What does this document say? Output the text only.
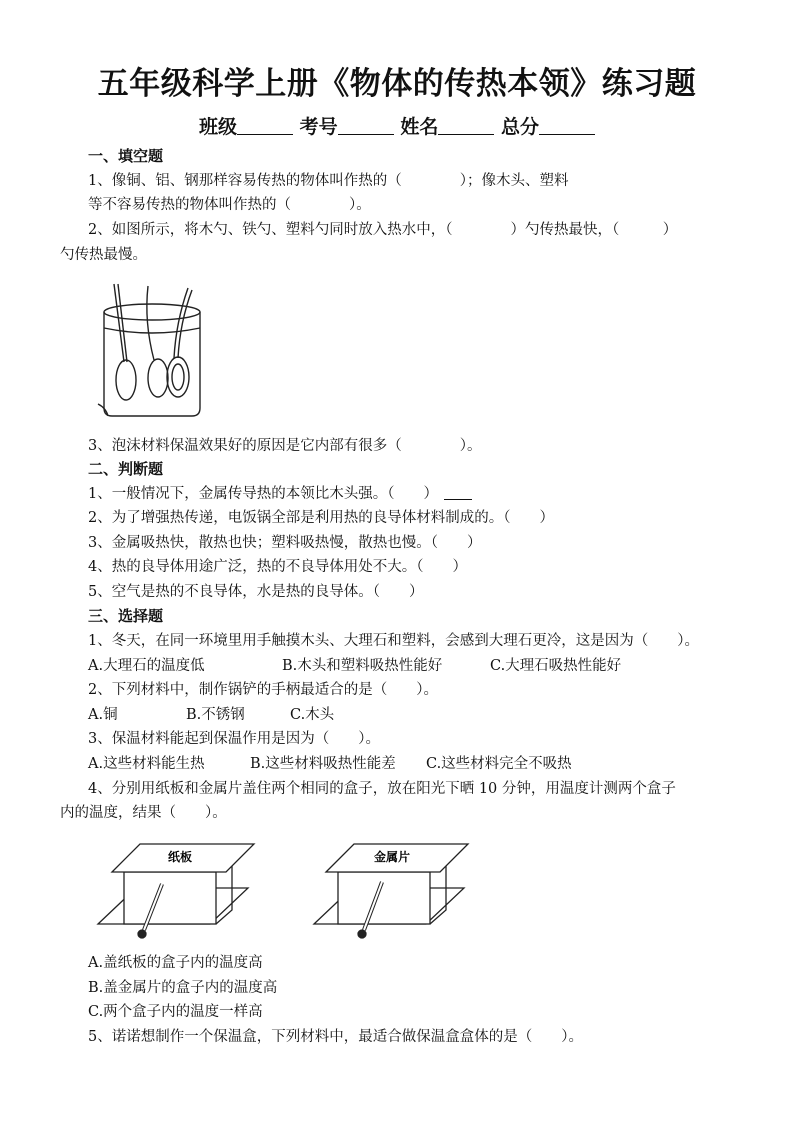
五年级科学上册《物体的传热本领》练习题
班级	考号	姓名	总分
一、填空题
1、像铜、铝、钢那样容易传热的物体叫作热的（　　　　）；像木头、塑料
等不容易传热的物体叫作热的（　　　　）。
2、如图所示，将木勺、铁勺、塑料勺同时放入热水中，（　　　　）勺传热最快，（　　　）
勺传热最慢。
3、泡沫材料保温效果好的原因是它内部有很多（　　　　）。
二、判断题
1、一般情况下，金属传导热的本领比木头强。（　　）
2、为了增强热传递，电饭锅全部是利用热的良导体材料制成的。（　　）
3、金属吸热快，散热也快；塑料吸热慢，散热也慢。（　　）
4、热的良导体用途广泛，热的不良导体用处不大。（　　）
5、空气是热的不良导体，水是热的良导体。（　　）
三、选择题
1、冬天，在同一环境里用手触摸木头、大理石和塑料，会感到大理石更冷，这是因为（　　）。
A.大理石的温度低	B.木头和塑料吸热性能好	C.大理石吸热性能好
2、下列材料中，制作锅铲的手柄最适合的是（　　）。
A.铜	B.不锈钢	C.木头
3、保温材料能起到保温作用是因为（　　）。
A.这些材料能生热	B.这些材料吸热性能差 C.这些材料完全不吸热
4、分别用纸板和金属片盖住两个相同的盒子，放在阳光下晒 10 分钟，用温度计测两个盒子
内的温度，结果（　　）。
纸板	金属片
A.盖纸板的盒子内的温度高
B.盖金属片的盒子内的温度高
C.两个盒子内的温度一样高
5、诺诺想制作一个保温盒，下列材料中，最适合做保温盒盒体的是（　　）。
